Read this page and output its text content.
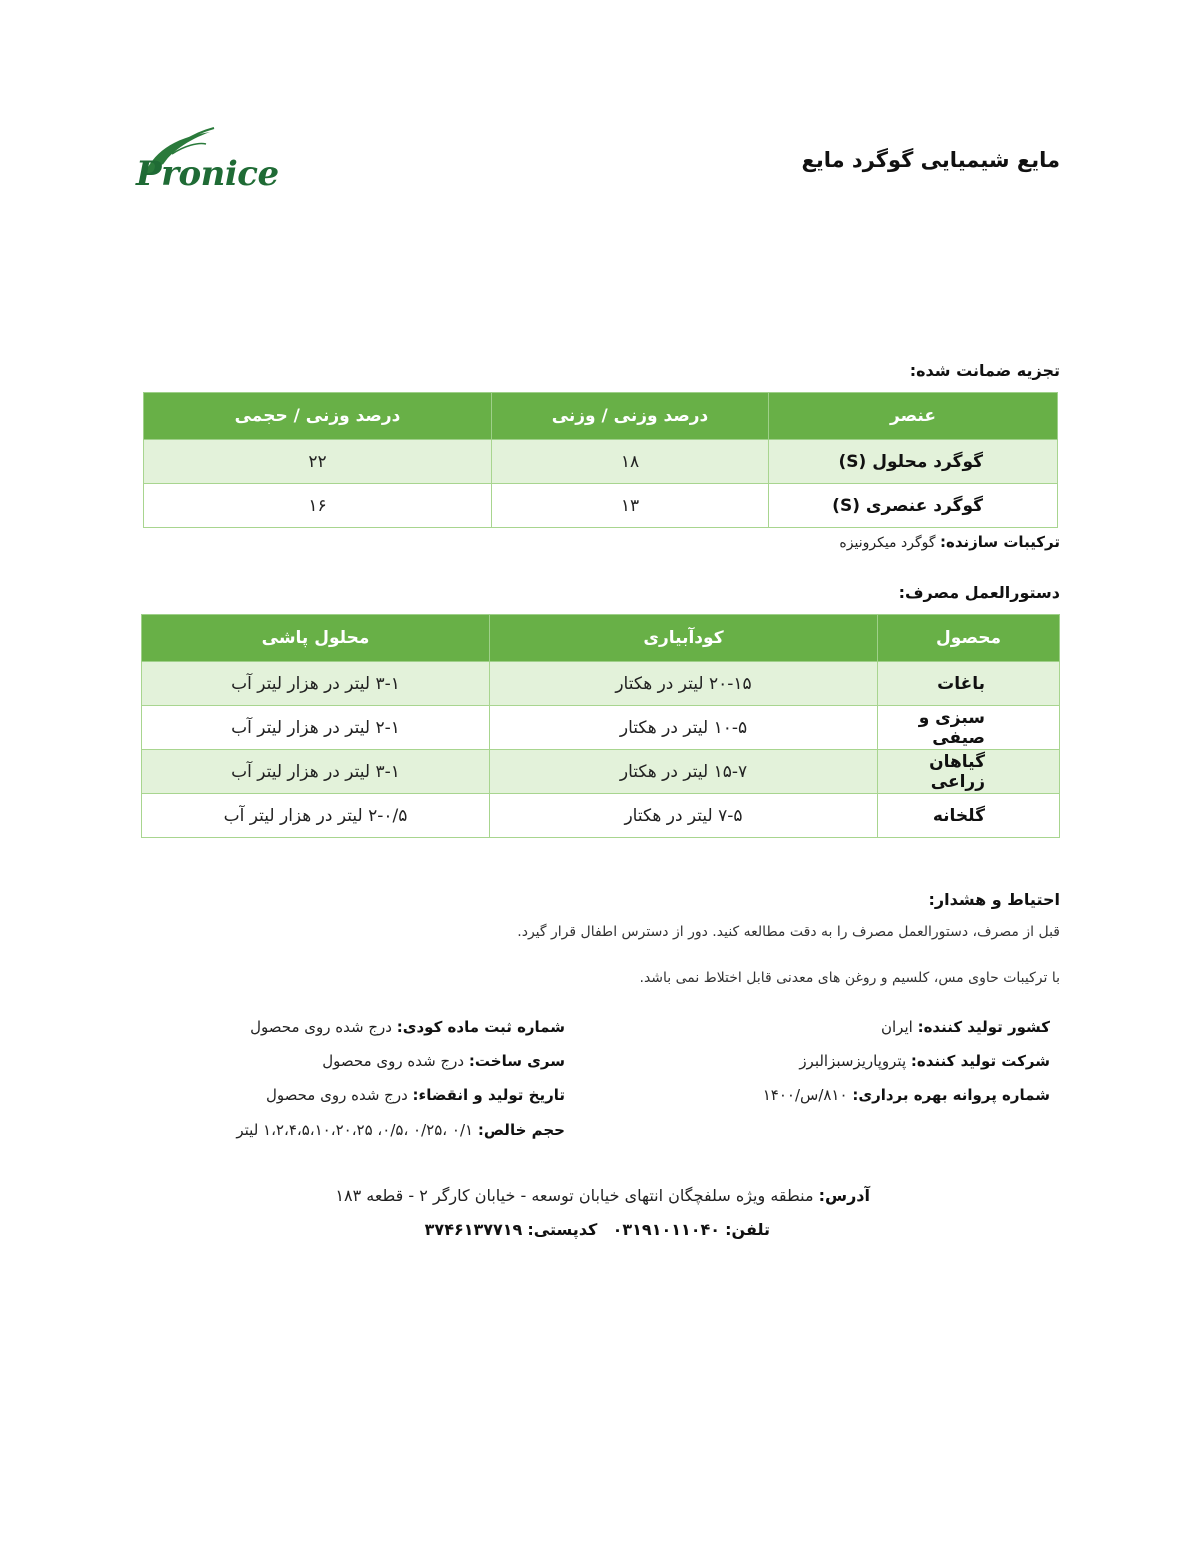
Pronice	مایع شیمیایی گوگرد مایع
تجزیه ضمانت شده:
عنصر	درصد وزنی / وزنی	درصد وزنی / حجمی
گوگرد محلول (S)	۱۸	۲۲
گوگرد عنصری (S)	۱۳	۱۶
ترکیبات سازنده: گوگرد میکرونیزه
دستورالعمل مصرف:
محصول	کودآبیاری	محلول پاشی
باغات	۲۰-۱۵ لیتر در هکتار	۳-۱ لیتر در هزار لیتر آب
سبزی و صیفی	۱۰-۵ لیتر در هکتار	۲-۱ لیتر در هزار لیتر آب
گیاهان زراعی	۱۵-۷ لیتر در هکتار	۳-۱ لیتر در هزار لیتر آب
گلخانه	۷-۵ لیتر در هکتار	۲-۰/۵ لیتر در هزار لیتر آب
احتیاط و هشدار:
قبل از مصرف، دستورالعمل مصرف را به دقت مطالعه کنید. دور از دسترس اطفال قرار گیرد.
با ترکیبات حاوی مس، کلسیم و روغن های معدنی قابل اختلاط نمی باشد.
کشور تولید کننده: ایران
شرکت تولید کننده: پتروپاریزسبزالبرز
شماره پروانه بهره برداری: ۸۱۰/س/۱۴۰۰
شماره ثبت ماده کودی: درج شده روی محصول
سری ساخت: درج شده روی محصول
تاریخ تولید و انقضاء: درج شده روی محصول
حجم خالص: ۰/۱ ،۰/۲۵ ،۰/۵، ۱،۲،۴،۵،۱۰،۲۰،۲۵ لیتر
آدرس: منطقه ویژه سلفچگان انتهای خیابان توسعه - خیابان کارگر ۲ - قطعه ۱۸۳
تلفن: ۰۳۱۹۱۰۱۱۰۴۰   کدپستی: ۳۷۴۶۱۳۷۷۱۹
